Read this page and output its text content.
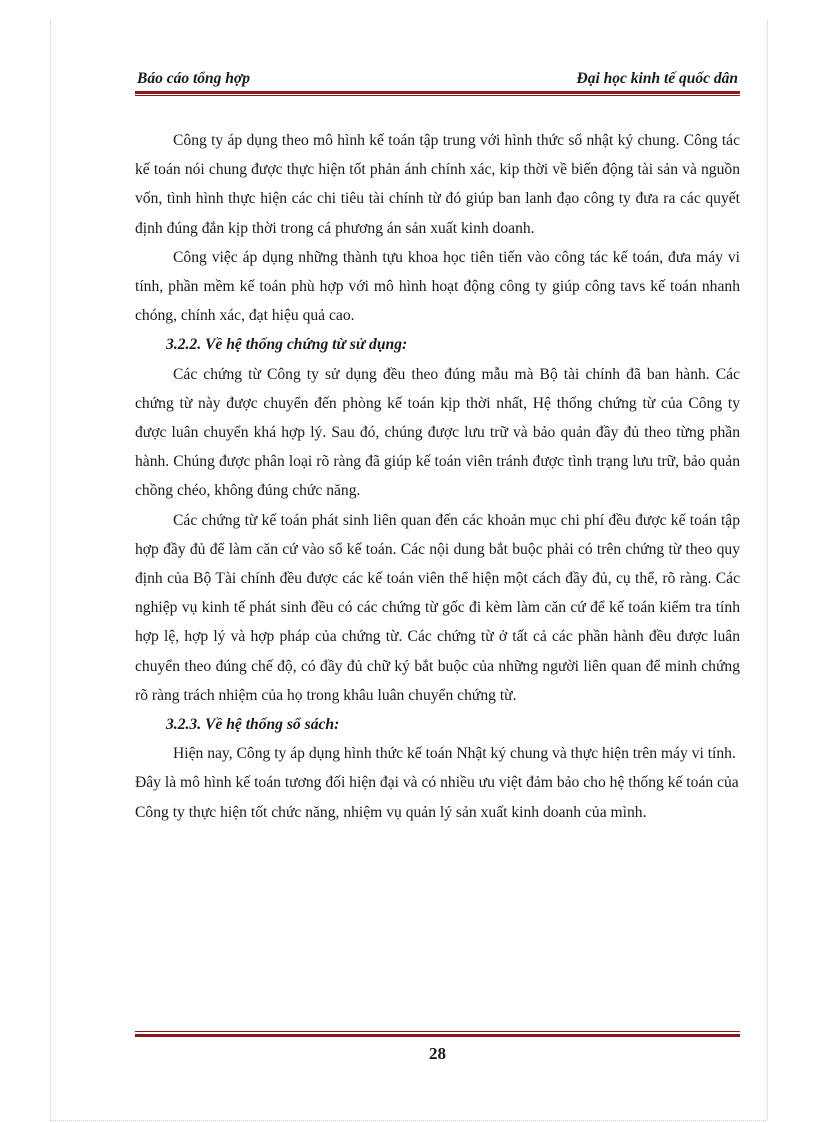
Báo cáo tổng hợp	Đại học kinh tế quốc dân

Công ty áp dụng theo mô hình kế toán tập trung với hình thức sổ nhật ký chung. Công tác kế toán nói chung được thực hiện tốt phản ánh chính xác, kip thời về biến động tài sản và nguồn vốn, tình hình thực hiện các chi tiêu tài chính từ đó giúp ban lanh đạo công ty đưa ra các quyết định đúng đắn kịp thời trong cá phương án sản xuất kinh doanh.

Công việc áp dụng những thành tựu khoa học tiên tiến vào công tác kế toán, đưa máy vi tính, phần mềm kế toán phù hợp với mô hình hoạt động công ty giúp công tavs kế toán nhanh chóng, chính xác, đạt hiệu quả cao.

3.2.2. Về hệ thống chứng từ sử dụng:

Các chứng từ Công ty sử dụng đều theo đúng mẫu mà Bộ tài chính đã ban hành. Các chứng từ này được chuyển đến phòng kế toán kịp thời nhất, Hệ thống chứng từ của Công ty được luân chuyển khá hợp lý. Sau đó, chúng được lưu trữ và bảo quản đầy đủ theo từng phần hành. Chúng được phân loại rõ ràng đã giúp kế toán viên tránh được tình trạng lưu trữ, bảo quản chồng chéo, không đúng chức năng.

Các chứng từ kế toán phát sinh liên quan đến các khoản mục chi phí đều được kế toán tập hợp đầy đủ để làm căn cứ vào sổ kế toán. Các nội dung bắt buộc phải có trên chứng từ theo quy định của Bộ Tài chính đều được các kế toán viên thể hiện một cách đầy đủ, cụ thể, rõ ràng. Các nghiệp vụ kinh tế phát sinh đều có các chứng từ gốc đi kèm làm căn cứ để kế toán kiểm tra tính hợp lệ, hợp lý và hợp pháp của chứng từ. Các chứng từ ở tất cả các phần hành đều được luân chuyển theo đúng chế độ, có đầy đủ chữ ký bắt buộc của những người liên quan để minh chứng rõ ràng trách nhiệm của họ trong khâu luân chuyển chứng từ.

3.2.3. Về hệ thống sổ sách:

Hiện nay, Công ty áp dụng hình thức kế toán Nhật ký chung và thực hiện trên máy vi tính. Đây là mô hình kế toán tương đối hiện đại và có nhiều ưu việt đảm bảo cho hệ thống kế toán của Công ty thực hiện tốt chức năng, nhiệm vụ quản lý sản xuất kinh doanh của mình.

28
